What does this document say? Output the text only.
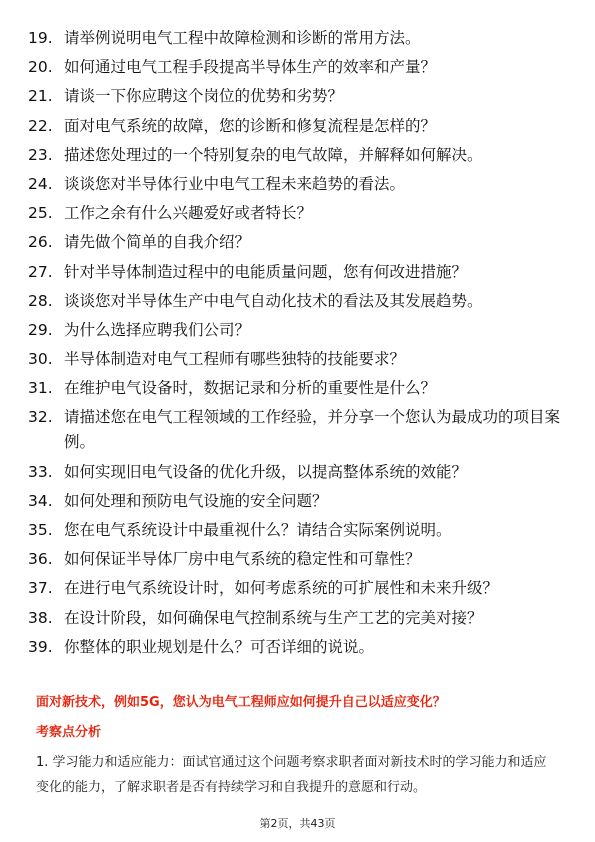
19. 请举例说明电气工程中故障检测和诊断的常用方法。
20. 如何通过电气工程手段提高半导体生产的效率和产量？
21. 请谈一下你应聘这个岗位的优势和劣势？
22. 面对电气系统的故障，您的诊断和修复流程是怎样的？
23. 描述您处理过的一个特别复杂的电气故障，并解释如何解决。
24. 谈谈您对半导体行业中电气工程未来趋势的看法。
25. 工作之余有什么兴趣爱好或者特长？
26. 请先做个简单的自我介绍？
27. 针对半导体制造过程中的电能质量问题，您有何改进措施？
28. 谈谈您对半导体生产中电气自动化技术的看法及其发展趋势。
29. 为什么选择应聘我们公司？
30. 半导体制造对电气工程师有哪些独特的技能要求？
31. 在维护电气设备时，数据记录和分析的重要性是什么？
32. 请描述您在电气工程领域的工作经验，并分享一个您认为最成功的项目案例。
33. 如何实现旧电气设备的优化升级，以提高整体系统的效能？
34. 如何处理和预防电气设施的安全问题？
35. 您在电气系统设计中最重视什么？请结合实际案例说明。
36. 如何保证半导体厂房中电气系统的稳定性和可靠性？
37. 在进行电气系统设计时，如何考虑系统的可扩展性和未来升级？
38. 在设计阶段，如何确保电气控制系统与生产工艺的完美对接？
39. 你整体的职业规划是什么？可否详细的说说。
面对新技术，例如5G，您认为电气工程师应如何提升自己以适应变化？
考察点分析
1. 学习能力和适应能力：面试官通过这个问题考察求职者面对新技术时的学习能力和适应变化的能力，了解求职者是否有持续学习和自我提升的意愿和行动。
第2页，共43页
